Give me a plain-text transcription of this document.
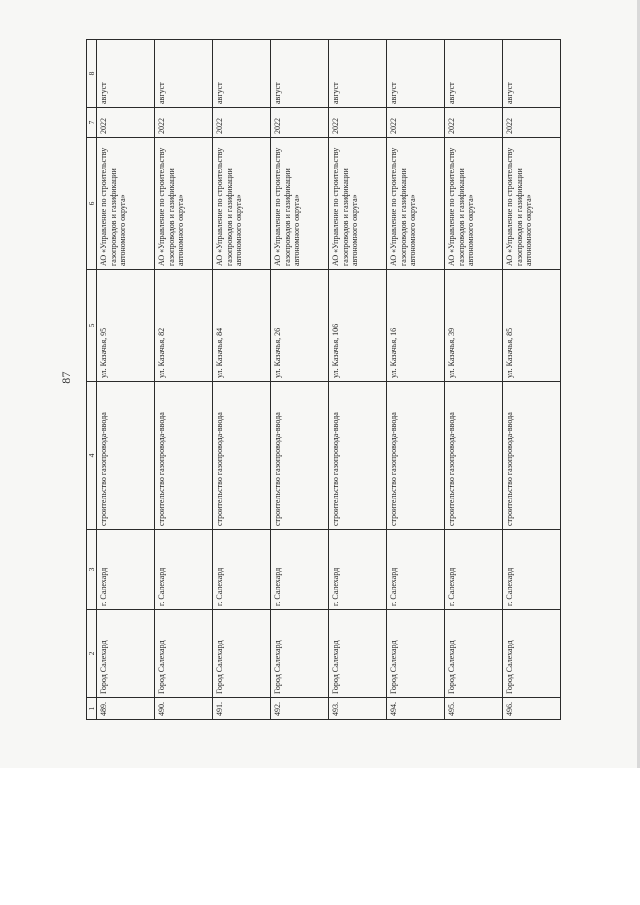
87
1	2	3	4	5	6	7	8
489.	Город Салехард	г. Салехард	строительство газопровода-ввода	ул. Казачья, 95	АО «Управление по строительству газопроводов и газификации автономного округа»	2022	август
490.	Город Салехард	г. Салехард	строительство газопровода-ввода	ул. Казачья, 82	АО «Управление по строительству газопроводов и газификации автономного округа»	2022	август
491.	Город Салехард	г. Салехард	строительство газопровода-ввода	ул. Казачья, 84	АО «Управление по строительству газопроводов и газификации автономного округа»	2022	август
492.	Город Салехард	г. Салехард	строительство газопровода-ввода	ул. Казачья, 26	АО «Управление по строительству газопроводов и газификации автономного округа»	2022	август
493.	Город Салехард	г. Салехард	строительство газопровода-ввода	ул. Казачья, 106	АО «Управление по строительству газопроводов и газификации автономного округа»	2022	август
494.	Город Салехард	г. Салехард	строительство газопровода-ввода	ул. Казачья, 16	АО «Управление по строительству газопроводов и газификации автономного округа»	2022	август
495.	Город Салехард	г. Салехард	строительство газопровода-ввода	ул. Казачья, 39	АО «Управление по строительству газопроводов и газификации автономного округа»	2022	август
496.	Город Салехард	г. Салехард	строительство газопровода-ввода	ул. Казачья, 85	АО «Управление по строительству газопроводов и газификации автономного округа»	2022	август
